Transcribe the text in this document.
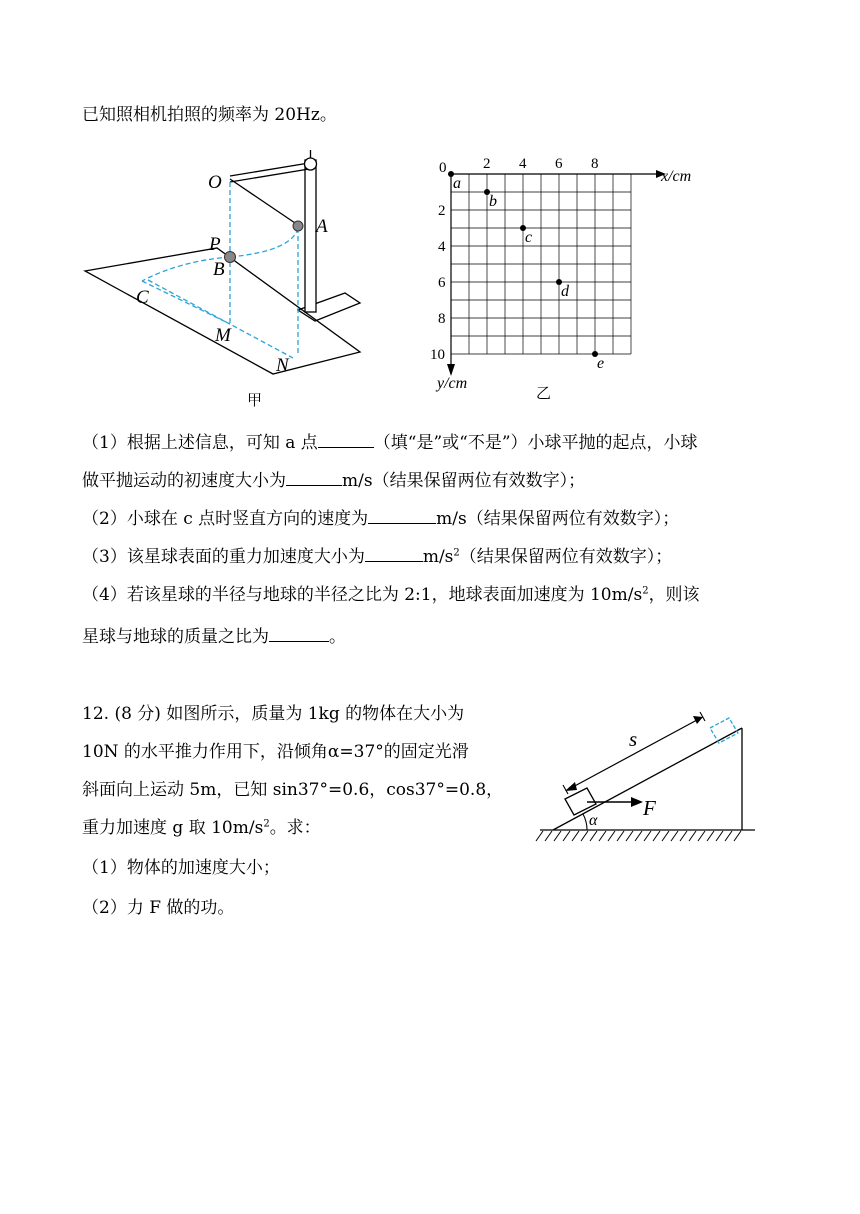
已知照相机拍照的频率为 20Hz。
O
A
P
B
C
M
N
甲
0	x/cm
y/cm
乙
2 4 6 8
2
4
6
8
10
a
b
c
d
e
（1）根据上述信息，可知 a 点	（填“是”或“不是”）小球平抛的起点，小球
做平抛运动的初速度大小为	m/s（结果保留两位有效数字）；
（2）小球在 c 点时竖直方向的速度为	m/s（结果保留两位有效数字）；
（3）该星球表面的重力加速度大小为	$m/s^2$（结果保留两位有效数字）；
（4）若该星球的半径与地球的半径之比为 2:1，地球表面加速度为 $10m/s^2$，则该
星球与地球的质量之比为	。
12. (8 分) 如图所示，质量为 1kg 的物体在大小为
10N 的水平推力作用下，沿倾角α=37°的固定光滑
斜面向上运动 5m，已知 sin37°=0.6，cos37°=0.8，
重力加速度 g 取 $10m/s^2$。求：
（1）物体的加速度大小；
（2）力 F 做的功。
α
s
F
